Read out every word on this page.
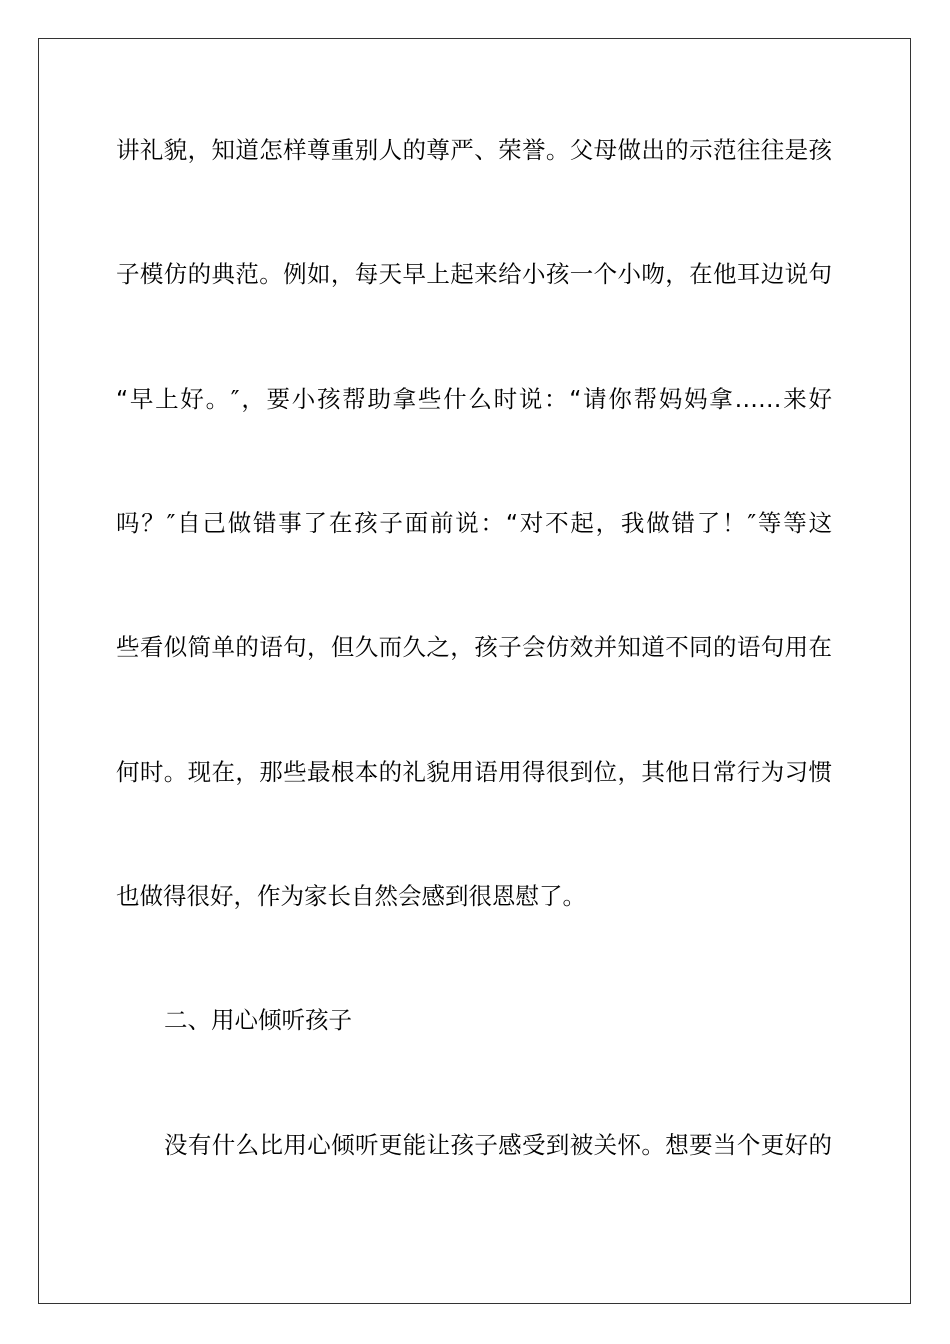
讲礼貌，知道怎样尊重别人的尊严、荣誉。父母做出的示范往往是孩
子模仿的典范。例如，每天早上起来给小孩一个小吻，在他耳边说句
“早上好。″，要小孩帮助拿些什么时说：“请你帮妈妈拿……来好
吗？″自己做错事了在孩子面前说：“对不起，我做错了！″等等这
些看似简单的语句，但久而久之，孩子会仿效并知道不同的语句用在
何时。现在，那些最根本的礼貌用语用得很到位，其他日常行为习惯
也做得很好，作为家长自然会感到很恩慰了。
二、用心倾听孩子
没有什么比用心倾听更能让孩子感受到被关怀。想要当个更好的
